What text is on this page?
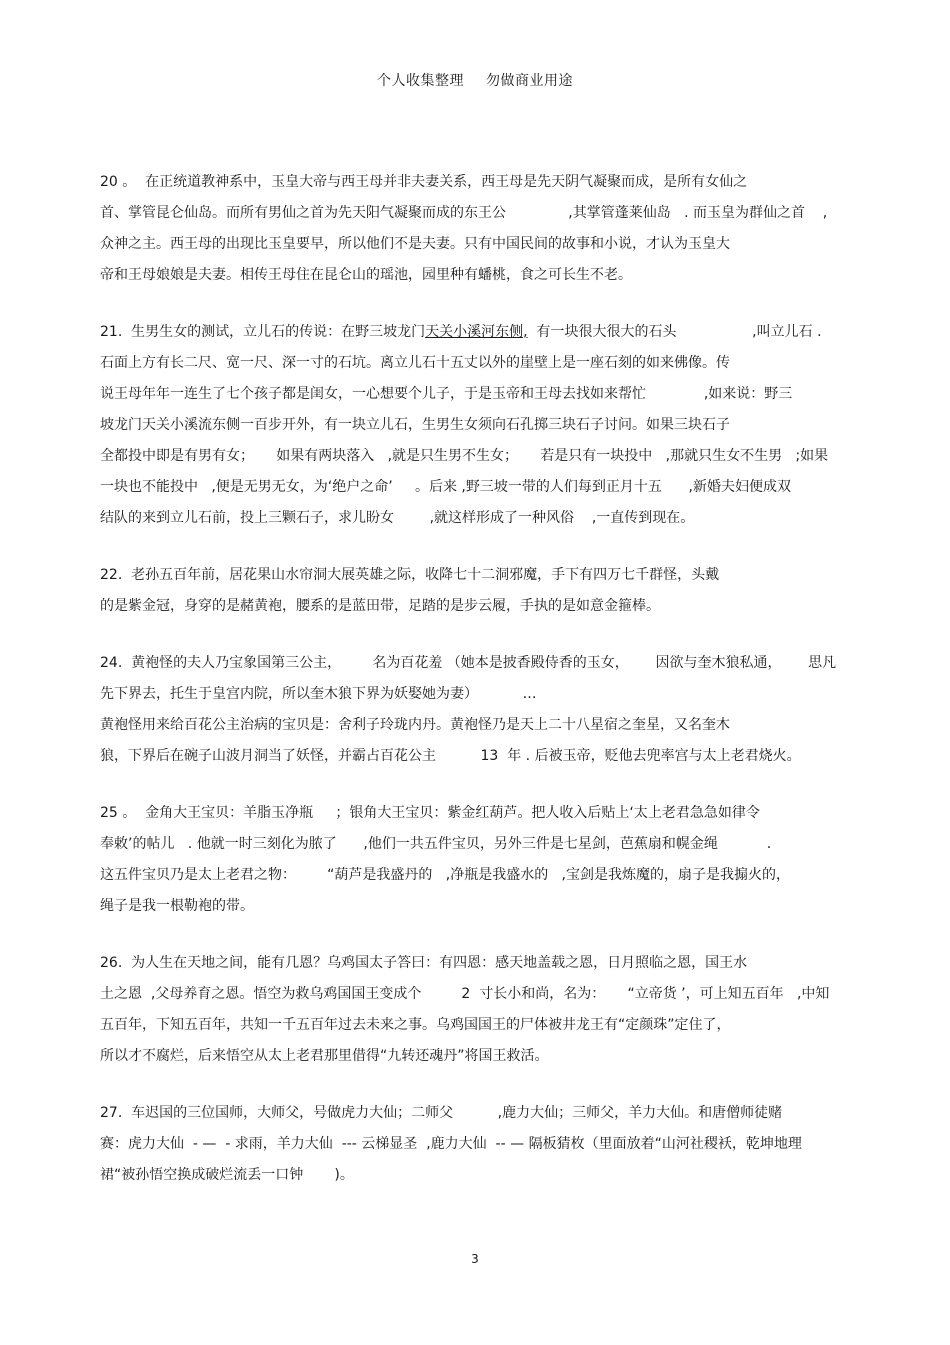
个人收集整理 勿做商业用途
20 。  在正统道教神系中，玉皇大帝与西王母并非夫妻关系，西王母是先天阴气凝聚而成，是所有女仙之
首、掌管昆仑仙岛。而所有男仙之首为先天阳气凝聚而成的东王公              ,其掌管蓬莱仙岛   . 而玉皇为群仙之首    ,
众神之主。西王母的出现比玉皇要早，所以他们不是夫妻。只有中国民间的故事和小说，才认为玉皇大
帝和王母娘娘是夫妻。相传王母住在昆仑山的瑶池，园里种有蟠桃，食之可长生不老。
21.  生男生女的测试，立儿石的传说：在野三坡龙门天关小溪河东侧,  有一块很大很大的石头                 ,叫立儿石 .
石面上方有长二尺、宽一尺、深一寸的石坑。离立儿石十五丈以外的崖壁上是一座石刻的如来佛像。传
说王母年年一连生了七个孩子都是闺女，一心想要个儿子，于是玉帝和王母去找如来帮忙             ,如来说：野三
坡龙门天关小溪流东侧一百步开外，有一块立儿石，生男生女须向石孔掷三块石子讨问。如果三块石子
全都投中即是有男有女；     如果有两块落入   ,就是只生男不生女；     若是只有一块投中   ,那就只生女不生男   ;如果
一块也不能投中   ,便是无男无女，为‘绝户之命’     。后来 ,野三坡一带的人们每到正月十五      ,新婚夫妇便成双
结队的来到立儿石前，投上三颗石子，求儿盼女        ,就这样形成了一种风俗    ,一直传到现在。
22.  老孙五百年前，居花果山水帘洞大展英雄之际，收降七十二洞邪魔，手下有四万七千群怪，头戴
的是紫金冠，身穿的是赭黄袍，腰系的是蓝田带，足踏的是步云履，手执的是如意金箍棒。
24.  黄袍怪的夫人乃宝象国第三公主，       名为百花羞 （她本是披香殿侍香的玉女，      因欲与奎木狼私通，      思凡
先下界去，托生于皇宫内院，所以奎木狼下界为妖娶她为妻）          …
黄袍怪用来给百花公主治病的宝贝是：舍利子玲珑内丹。黄袍怪乃是天上二十八星宿之奎星，又名奎木
狼，下界后在碗子山波月洞当了妖怪，并霸占百花公主          13  年 . 后被玉帝，贬他去兜率宫与太上老君烧火。
25 。  金角大王宝贝：羊脂玉净瓶     ；银角大王宝贝：紫金红葫芦。把人收入后贴上‘太上老君急急如律令
奉敕’的帖儿   . 他就一时三刻化为脓了      ,他们一共五件宝贝，另外三件是七星剑，芭蕉扇和幌金绳           .
这五件宝贝乃是太上老君之物：       “葫芦是我盛丹的   ,净瓶是我盛水的   ,宝剑是我炼魔的，扇子是我搧火的，
绳子是我一根勒袍的带。
26.  为人生在天地之间，能有几恩？乌鸡国太子答曰：有四恩：感天地盖载之恩，日月照临之恩，国王水
土之恩  ,父母养育之恩。悟空为救乌鸡国国王变成个         2  寸长小和尚，名为：     “立帝货 ’，可上知五百年   ,中知
五百年，下知五百年，共知一千五百年过去未来之事。乌鸡国国王的尸体被井龙王有“定颜珠”定住了，
所以才不腐烂，后来悟空从太上老君那里借得“九转还魂丹”将国王救活。
27.  车迟国的三位国师，大师父，号做虎力大仙；二师父          ,鹿力大仙；三师父，羊力大仙。和唐僧师徒赌
赛：虎力大仙  - —  - 求雨，羊力大仙  --- 云梯显圣  ,鹿力大仙  -- — 隔板猜枚（里面放着“山河社稷袄，乾坤地理
裙“被孙悟空换成破烂流丢一口钟       )。
3
